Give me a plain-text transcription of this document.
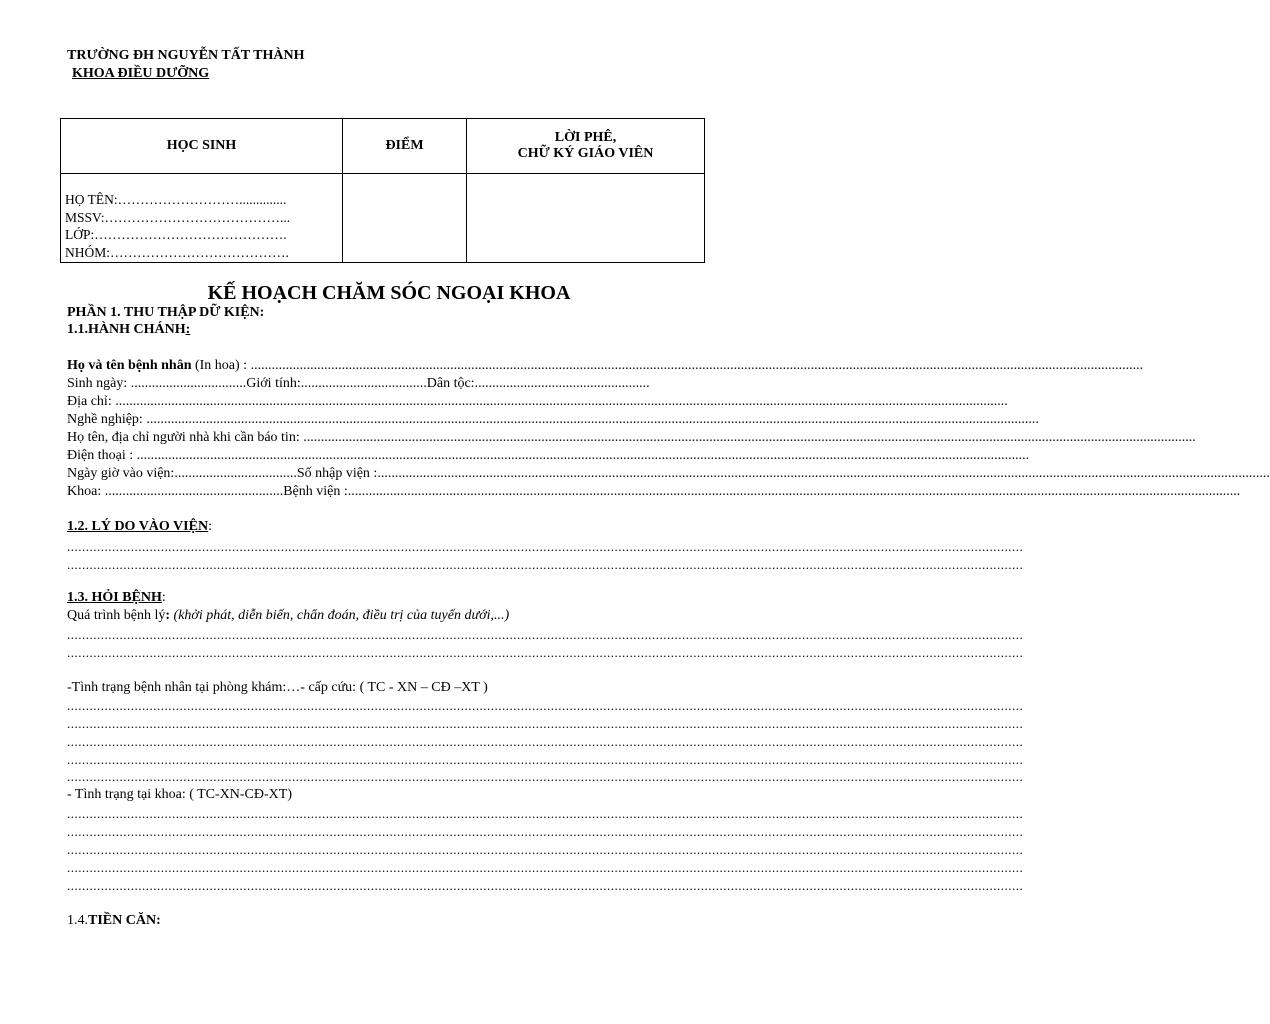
TRƯỜNG ĐH NGUYỄN TẤT THÀNH
KHOA ĐIỀU DƯỠNG
HỌC SINH	ĐIỂM	LỜI PHÊ,
CHỮ KÝ GIÁO VIÊN

HỌ TÊN:………………………..............
MSSV:…………………………………...
LỚP:…………………………………….
NHÓM:………………………………….		

KẾ HOẠCH CHĂM SÓC NGOẠI KHOA
PHẦN 1. THU THẬP DỮ KIỆN:
1.1.HÀNH CHÁNH:
Họ và tên bệnh nhân (In hoa) : ...............................................................................................................................................................................................................................................................
Sinh ngày: .................................Giới tính:....................................Dân tộc:..................................................
Địa chỉ: ...............................................................................................................................................................................................................................................................
Nghề nghiệp: ...............................................................................................................................................................................................................................................................
Họ tên, địa chỉ người nhà khi cần báo tin: ...............................................................................................................................................................................................................................................................
Điện thoại : ...............................................................................................................................................................................................................................................................
Ngày giờ vào viện:...................................Số nhập viện :...............................................................................................................................................................................................................................................................
Khoa: ...................................................Bệnh viện :...............................................................................................................................................................................................................................................................
1.2. LÝ DO VÀO VIỆN:
...............................................................................................................................................................................................................................................................
...............................................................................................................................................................................................................................................................
1.3. HỎI BỆNH:
Quá trình bệnh lý: (khởi phát, diễn biến, chẩn đoán, điều trị của tuyến dưới,...)
...............................................................................................................................................................................................................................................................
...............................................................................................................................................................................................................................................................
-Tình trạng bệnh nhân tại phòng khám:…- cấp cứu: ( TC - XN – CĐ –XT )
...............................................................................................................................................................................................................................................................
...............................................................................................................................................................................................................................................................
...............................................................................................................................................................................................................................................................
...............................................................................................................................................................................................................................................................
...............................................................................................................................................................................................................................................................
- Tình trạng tại khoa: ( TC-XN-CĐ-XT)
...............................................................................................................................................................................................................................................................
...............................................................................................................................................................................................................................................................
...............................................................................................................................................................................................................................................................
...............................................................................................................................................................................................................................................................
...............................................................................................................................................................................................................................................................
1.4.TIỀN CĂN:
